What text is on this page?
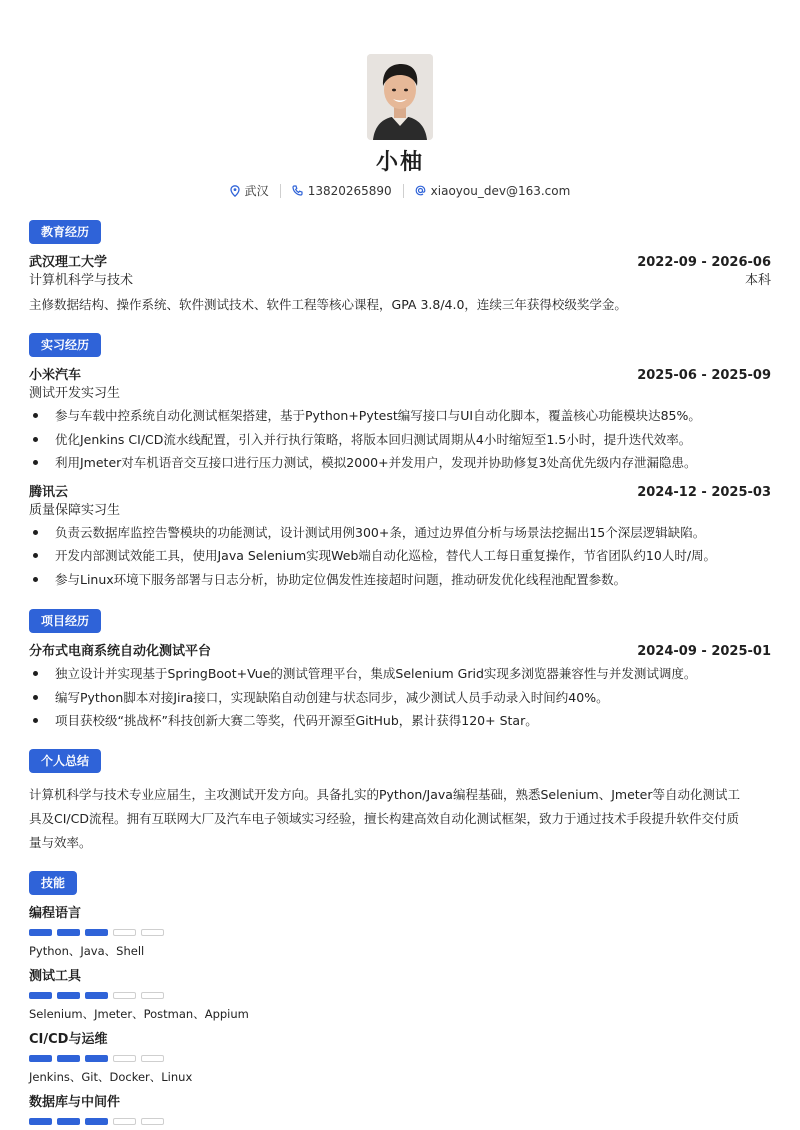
小柚
武汉	13820265890	xiaoyou_dev@163.com
教育经历
武汉理工大学	2022-09 - 2026-06
计算机科学与技术	本科
主修数据结构、操作系统、软件测试技术、软件工程等核心课程，GPA 3.8/4.0，连续三年获得校级奖学金。
实习经历
小米汽车	2025-06 - 2025-09
测试开发实习生
参与车载中控系统自动化测试框架搭建，基于Python+Pytest编写接口与UI自动化脚本，覆盖核心功能模块达85%。
优化Jenkins CI/CD流水线配置，引入并行执行策略，将版本回归测试周期从4小时缩短至1.5小时，提升迭代效率。
利用Jmeter对车机语音交互接口进行压力测试，模拟2000+并发用户，发现并协助修复3处高优先级内存泄漏隐患。
腾讯云	2024-12 - 2025-03
质量保障实习生
负责云数据库监控告警模块的功能测试，设计测试用例300+条，通过边界值分析与场景法挖掘出15个深层逻辑缺陷。
开发内部测试效能工具，使用Java Selenium实现Web端自动化巡检，替代人工每日重复操作，节省团队约10人时/周。
参与Linux环境下服务部署与日志分析，协助定位偶发性连接超时问题，推动研发优化线程池配置参数。
项目经历
分布式电商系统自动化测试平台	2024-09 - 2025-01
独立设计并实现基于SpringBoot+Vue的测试管理平台，集成Selenium Grid实现多浏览器兼容性与并发测试调度。
编写Python脚本对接Jira接口，实现缺陷自动创建与状态同步，减少测试人员手动录入时间约40%。
项目获校级“挑战杯”科技创新大赛二等奖，代码开源至GitHub，累计获得120+ Star。
个人总结
计算机科学与技术专业应届生，主攻测试开发方向。具备扎实的Python/Java编程基础，熟悉Selenium、Jmeter等自动化测试工
具及CI/CD流程。拥有互联网大厂及汽车电子领域实习经验，擅长构建高效自动化测试框架，致力于通过技术手段提升软件交付质
量与效率。
技能
编程语言
Python、Java、Shell
测试工具
Selenium、Jmeter、Postman、Appium
CI/CD与运维
Jenkins、Git、Docker、Linux
数据库与中间件
